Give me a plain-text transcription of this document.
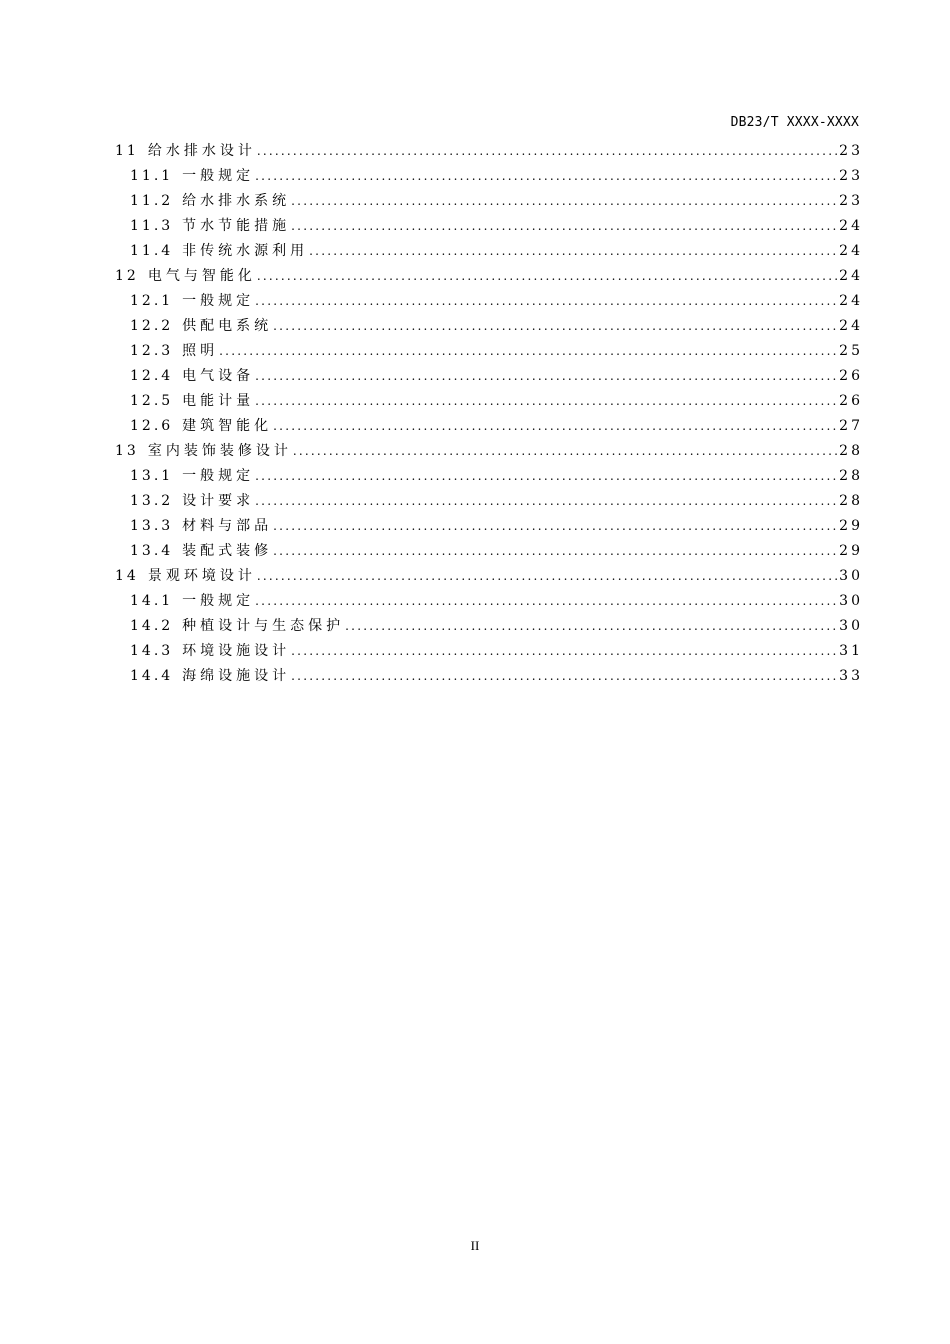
DB23/T XXXX-XXXX
11 给水排水设计 .....	23
11.1 一般规定 .....	23
11.2 给水排水系统 .....	23
11.3 节水节能措施 .....	24
11.4 非传统水源利用 .....	24
12 电气与智能化 .....	24
12.1 一般规定 .....	24
12.2 供配电系统 .....	24
12.3 照明 .....	25
12.4 电气设备 .....	26
12.5 电能计量 .....	26
12.6 建筑智能化 .....	27
13 室内装饰装修设计 .....	28
13.1 一般规定 .....	28
13.2 设计要求 .....	28
13.3 材料与部品 .....	29
13.4 装配式装修 .....	29
14 景观环境设计 .....	30
14.1 一般规定 .....	30
14.2 种植设计与生态保护 .....	30
14.3 环境设施设计 .....	31
14.4 海绵设施设计 .....	33
II
